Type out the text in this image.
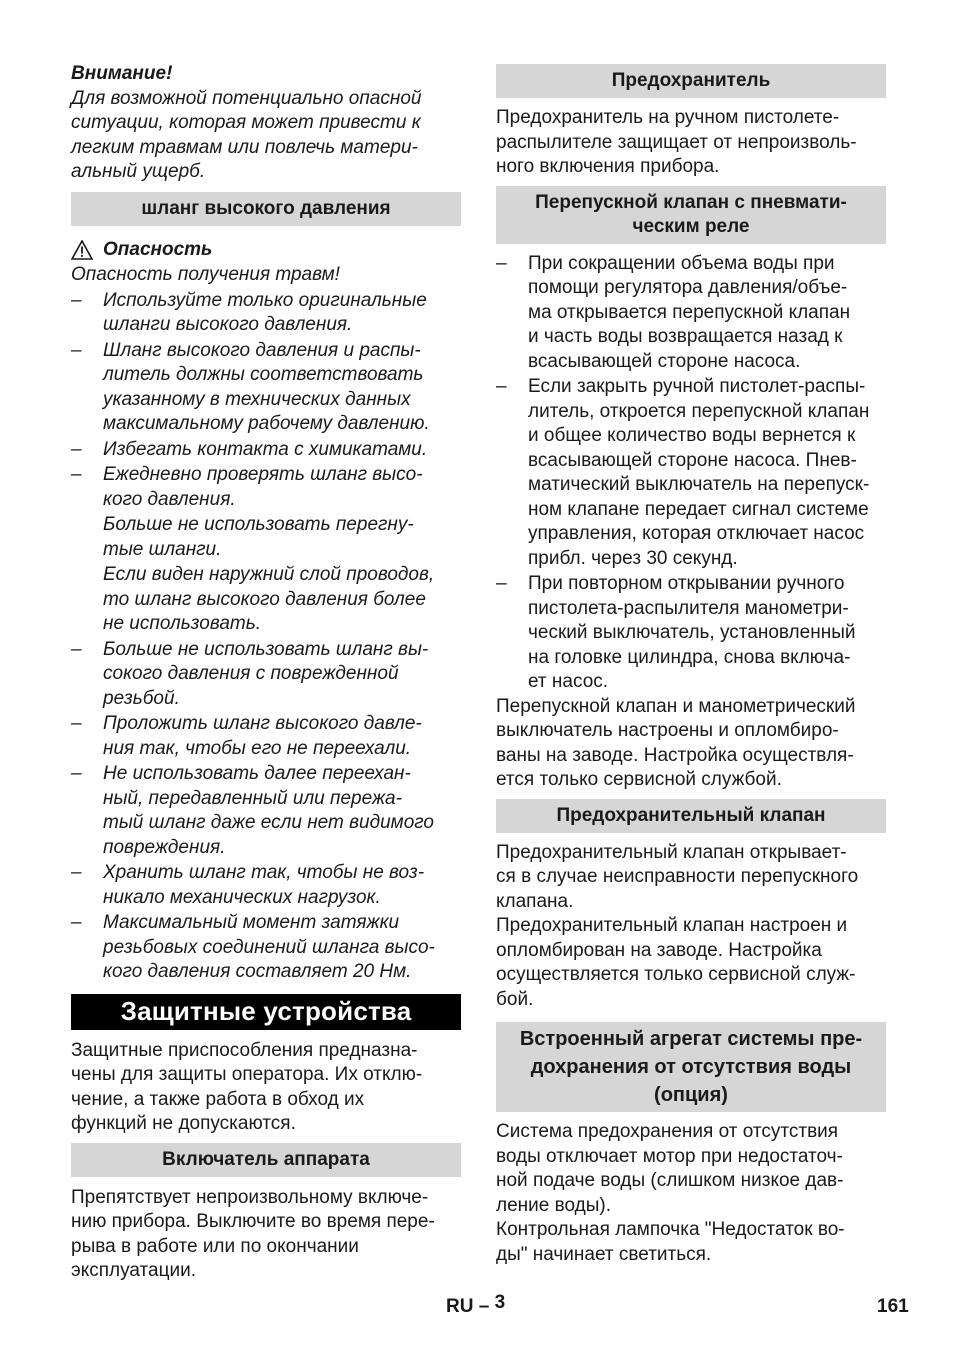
Внимание!
Для возможной потенциально опасной
ситуации, которая может привести к
легким травмам или повлечь матери-
альный ущерб.
шланг высокого давления
Опасность
Опасность получения травм!
– Используйте только оригинальные
шланги высокого давления.
– Шланг высокого давления и распы-
литель должны соответствовать
указанному в технических данных
максимальному рабочему давлению.
– Избегать контакта с химикатами.
– Ежедневно проверять шланг высо-
кого давления.
Больше не использовать перегну-
тые шланги.
Если виден наружний слой проводов,
то шланг высокого давления более
не использовать.
– Больше не использовать шланг вы-
сокого давления с поврежденной
резьбой.
– Проложить шланг высокого давле-
ния так, чтобы его не переехали.
– Не использовать далее переехан-
ный, передавленный или пережа-
тый шланг даже если нет видимого
повреждения.
– Хранить шланг так, чтобы не воз-
никало механических нагрузок.
– Максимальный момент затяжки
резьбовых соединений шланга высо-
кого давления составляет 20 Нм.
Защитные устройства
Защитные приспособления предназна-
чены для защиты оператора. Их отклю-
чение, а также работа в обход их
функций не допускаются.
Включатель аппарата
Препятствует непроизвольному включе-
нию прибора. Выключите во время пере-
рыва в работе или по окончании
эксплуатации.
Предохранитель
Предохранитель на ручном пистолете-
распылителе защищает от непроизволь-
ного включения прибора.
Перепускной клапан с пневмати-
ческим реле
– При сокращении объема воды при
помощи регулятора давления/объе-
ма открывается перепускной клапан
и часть воды возвращается назад к
всасывающей стороне насоса.
– Если закрыть ручной пистолет-распы-
литель, откроется перепускной клапан
и общее количество воды вернется к
всасывающей стороне насоса. Пнев-
матический выключатель на перепуск-
ном клапане передает сигнал системе
управления, которая отключает насос
прибл. через 30 секунд.
– При повторном открывании ручного
пистолета-распылителя манометри-
ческий выключатель, установленный
на головке цилиндра, снова включа-
ет насос.
Перепускной клапан и манометрический
выключатель настроены и опломбиро-
ваны на заводе. Настройка осуществля-
ется только сервисной службой.
Предохранительный клапан
Предохранительный клапан открывает-
ся в случае неисправности перепускного
клапана.
Предохранительный клапан настроен и
опломбирован на заводе. Настройка
осуществляется только сервисной служ-
бой.
Встроенный агрегат системы пре-
дохранения от отсутствия воды
(опция)
Система предохранения от отсутствия
воды отключает мотор при недостаточ-
ной подаче воды (слишком низкое дав-
ление воды).
Контрольная лампочка "Недостаток во-
ды" начинает светиться.
RU – 3	161
